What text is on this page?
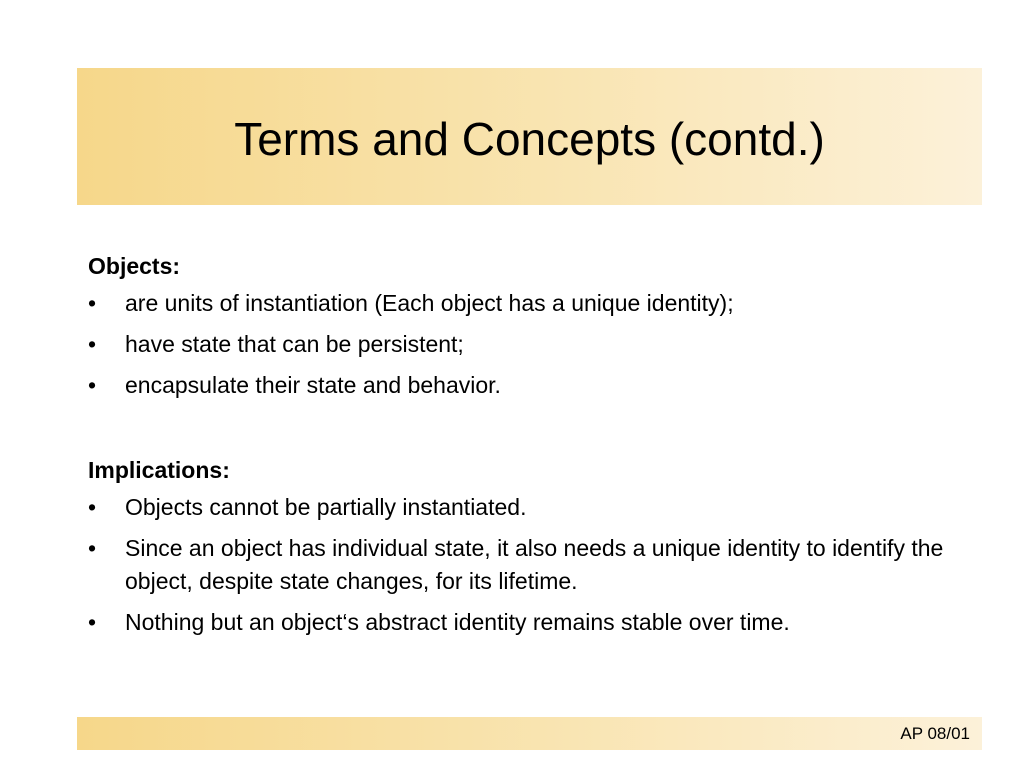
Terms and Concepts (contd.)

Objects:

•	are units of instantiation (Each object has a unique identity);
•	have state that can be persistent;
•	encapsulate their state and behavior.

Implications:

•	Objects cannot be partially instantiated.
•	Since an object has individual state, it also needs a unique identity to identify the object, despite state changes, for its lifetime.
•	Nothing but an object‘s abstract identity remains stable over time.
AP 08/01
